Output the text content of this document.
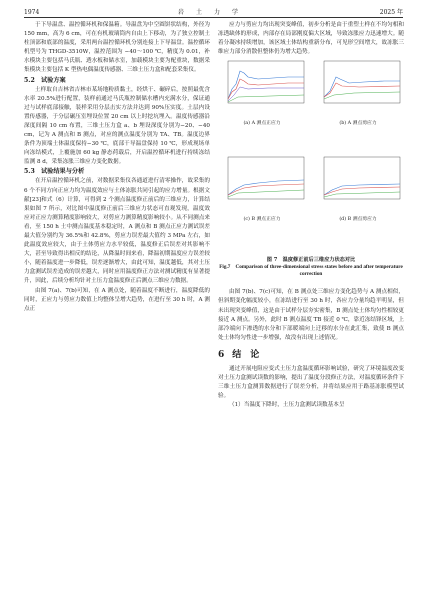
1974	岩　土　力　学	2025 年

于下导温盘、温控循环机和保温箱。导温盘为中空圆饼状结构，外径为 150 mm，高为 6 cm，可在有机玻璃筒内自由上下移动，为了独立控制土柱顶部和底部的温度，采用两台温控循环机分别连接上下导温盘。温控循环机型号为 THGD-3510W，温控范围为 −40～100 ℃，精度为 0.01，补水模块主要包括马氏瓶、透水板和储水室，加载模块主要为配重块，数据采集模块主要包括 K 型热电偶温度传感器、三维土压力盒和配套采集仪。

5.2　试验方案

土样取自吉林省吉林市某场地粉质黏土，经烘干、碾碎后，按照最优含水率 20.5%进行配置，装样前通过马氏瓶控制储水槽内充满水分，保证通过与试样底部接触，装样采用分层击实方法并达到 90%压实度。土层内设置传感器，于分层碾压室埋设位置 20 cm 以上时挖坑埋入。温度传感器沿深度间隔 10 cm 布置，三维土压力盒 a、b 埋设深度分别为−20、−40 cm，记为 A 测点和 B 测点，对应的测点温度分别为 TA、TB。温度边界条件为顶端土体温度保持−30 ℃，底部干导温盘保持 10 ℃，形成现场单向冻结模式，上覆施加 60 kg 静态荷载后，开启温控循环机进行持续冻结监测 8 d，采集冻胀三维应力变化数据。

5.3　试验结果与分析

在开启温控循环机之前，对数据采集仪各通道进行清零操作，故采集的 6 个不同方向正应力均为温度效应与土体冻胀共同引起的应力增量。根据文献[23]和式（6）计算，可得到 2 个测点温度修正前后的三维应力，计算结果如图 7 所示，对比图中温度修正前后三维应力状态可直观发现，温度效应对正应力测算精度影响较大，对剪应力测算精度影响较小。从不同测点来看，至 150 h 土中测点温度基本稳定时，A 测点和 B 测点正应力测试误差最大值分别约为 36.5%和 42.8%，剪应力误差最大值约 3 MPa 左右，如此温度效应较大，由于土体剪应力水平较低，温度修正后误差对其影响不大，甚至导致得出相反的结论，从降温时间来看，降温初期温度应力误差较小，随着温度进一步降低，误差逐渐增大，由此可知，温度越低，其对土压力盒测试误差造成的误差越大，同时应用温度修正方法对测试精度有显著提升，因此，后续分析均针对土压力盒温度修正后测点三维应力数据。

由图 7(a)、7(b)可知，在 A 测点处，随着温度不断进行，温度降低的同时，正应力与剪应力数值上均整体呈增大趋势，在进行至 30 h 时，A 测点正

应力与剪应力均出现突变峰值，初步分析是由于重塑土样在不均匀相和冻透缺体的形成，内部存在局部刚度偏大区域，导致冻胀应力迅速增大。随着分凝冰持续增加，该区域土体结构重新分布，可见形空间增大，故冻胀三维应力部分消散但整体仍为增大趋势。

(a) A 测点正应力	(b) A 测点剪应力
(c) B 测点正应力	(d) B 测点剪应力
图 7　温度修正前后三维应力状态对比
Fig.7　Comparison of three-dimensional stress states before and after temperature correction

由图 7(b)、7(c)可知，在 B 测点处三维应力变化趋势与 A 测点相似，但斜期变化幅度较小，在冻结进行至 30 h 时，各应力分量均趋平明显，但未出现突变峰值，这是由于试样分层夯实密集，B 测点处土体均匀性相较更接近 A 测点。另外，此时 B 测点温度 TB 接近 0 ℃，靠近冻结锋区域，上部冷端向下渗透的水分和下部暖端向上迁移的水分在此汇集，致使 B 测点处土体均匀性进一步增强，故没有出现上述情况。

6 结　论

通过开展电阻应变式土压力盒温度循环影响试验，研究了环境温度改变对土压力盒测试读数的影响，提出了温度分段修正方法，对温度循环条件下三维土压力盒测算数据进行了误差分析，并将结果应用于路基冻胀模型试验。

（1）当温度下降时，土压力盒测试读数基本呈
